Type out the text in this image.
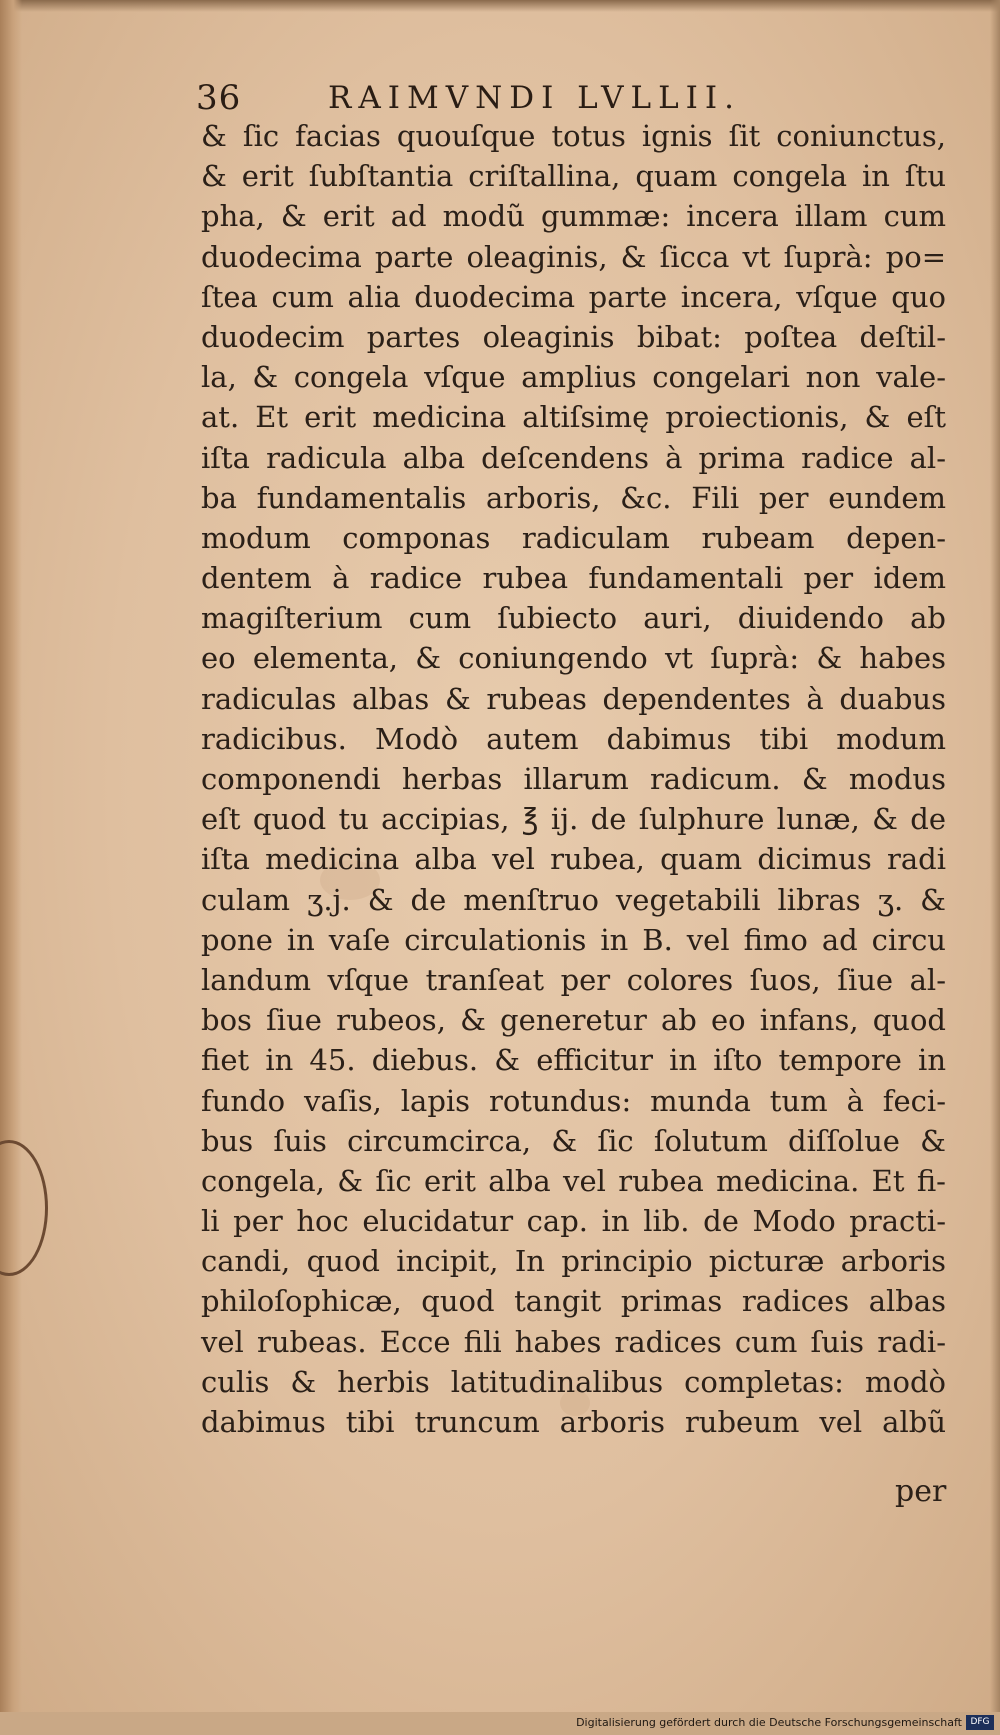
36	RAIMVNDI LVLLII.
& ſic facias quouſque totus ignis ſit coniunctus,
& erit ſubſtantia criſtallina, quam congela in ſtu
pha, & erit ad modũ gummæ: incera illam cum
duodecima parte oleaginis, & ſicca vt ſuprà: po=
ſtea cum alia duodecima parte incera, vſque quo
duodecim partes oleaginis bibat: poſtea deſtil-
la, & congela vſque amplius congelari non vale-
at. Et erit medicina altiſsimę proiectionis, & eſt
iſta radicula alba deſcendens à prima radice al-
ba fundamentalis arboris, &c. Fili per eundem
modum componas radiculam rubeam depen-
dentem à radice rubea fundamentali per idem
magiſterium cum ſubiecto auri, diuidendo ab
eo elementa, & coniungendo vt ſuprà: & habes
radiculas albas & rubeas dependentes à duabus
radicibus. Modò autem dabimus tibi modum
componendi herbas illarum radicum. & modus
eſt quod tu accipias, ℥ ij. de ſulphure lunæ, & de
iſta medicina alba vel rubea, quam dicimus radi
culam ʒ.j. & de menſtruo vegetabili libras ʒ. &
pone in vaſe circulationis in B. vel fimo ad circu
landum vſque tranſeat per colores ſuos, ſiue al-
bos ſiue rubeos, & generetur ab eo infans, quod
fiet in 45. diebus. & efficitur in iſto tempore in
fundo vaſis, lapis rotundus: munda tum à feci-
bus ſuis circumcirca, & ſic ſolutum diſſolue &
congela, & ſic erit alba vel rubea medicina. Et fi-
li per hoc elucidatur cap. in lib. de Modo practi-
candi, quod incipit, In principio picturæ arboris
philoſophicæ, quod tangit primas radices albas
vel rubeas. Ecce fili habes radices cum ſuis radi-
culis & herbis latitudinalibus completas: modò
dabimus tibi truncum arboris rubeum vel albũ
per
Digitalisierung gefördert durch die Deutsche Forschungsgemeinschaft DFG
